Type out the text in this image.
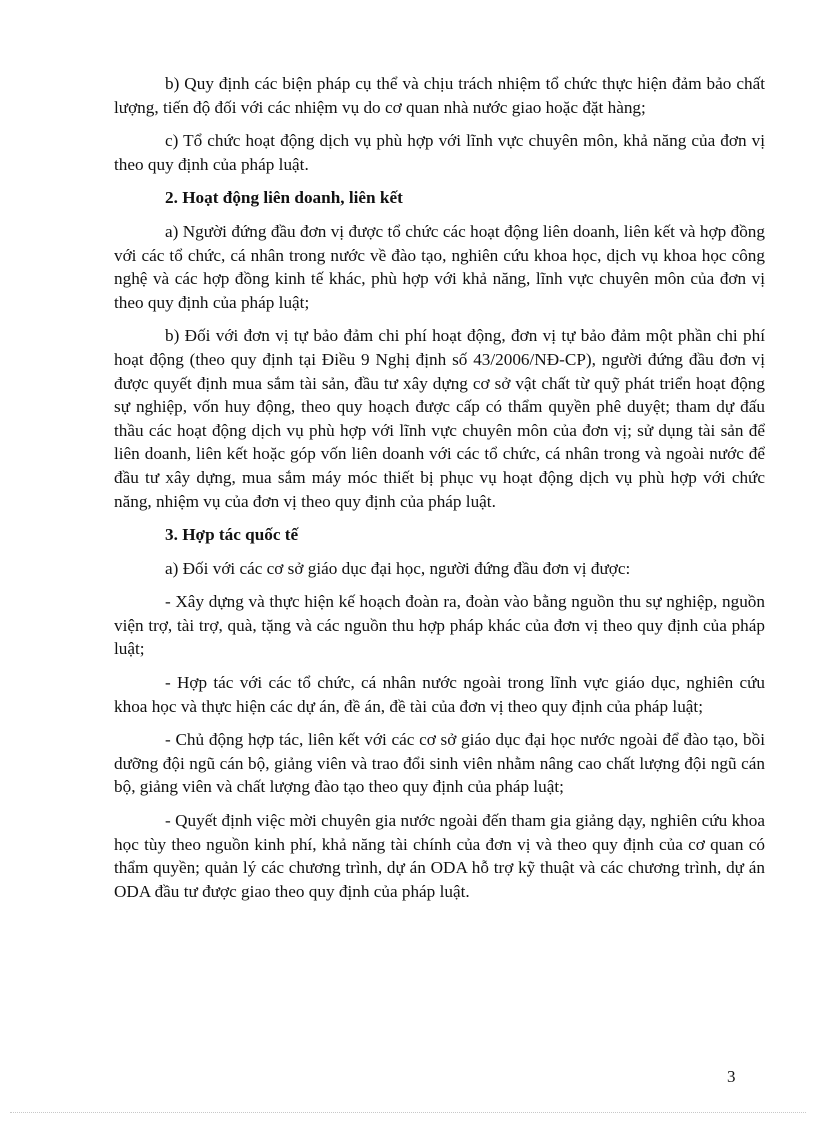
b) Quy định các biện pháp cụ thể và chịu trách nhiệm tổ chức thực hiện đảm bảo chất lượng, tiến độ đối với các nhiệm vụ do cơ quan nhà nước giao hoặc đặt hàng;

c) Tổ chức hoạt động dịch vụ phù hợp với lĩnh vực chuyên môn, khả năng của đơn vị theo quy định của pháp luật.

2. Hoạt động liên doanh, liên kết

a) Người đứng đầu đơn vị được tổ chức các hoạt động liên doanh, liên kết và hợp đồng với các tổ chức, cá nhân trong nước về đào tạo, nghiên cứu khoa học, dịch vụ khoa học công nghệ và các hợp đồng kinh tế khác, phù hợp với khả năng, lĩnh vực chuyên môn của đơn vị theo quy định của pháp luật;

b) Đối với đơn vị tự bảo đảm chi phí hoạt động, đơn vị tự bảo đảm một phần chi phí hoạt động (theo quy định tại Điều 9 Nghị định số 43/2006/NĐ-CP), người đứng đầu đơn vị được quyết định mua sắm tài sản, đầu tư xây dựng cơ sở vật chất từ quỹ phát triển hoạt động sự nghiệp, vốn huy động, theo quy hoạch được cấp có thẩm quyền phê duyệt; tham dự đấu thầu các hoạt động dịch vụ phù hợp với lĩnh vực chuyên môn của đơn vị; sử dụng tài sản để liên doanh, liên kết hoặc góp vốn liên doanh với các tổ chức, cá nhân trong và ngoài nước để đầu tư xây dựng, mua sắm máy móc thiết bị phục vụ hoạt động dịch vụ phù hợp với chức năng, nhiệm vụ của đơn vị theo quy định của pháp luật.

3. Hợp tác quốc tế

a) Đối với các cơ sở giáo dục đại học, người đứng đầu đơn vị được:

- Xây dựng và thực hiện kế hoạch đoàn ra, đoàn vào bằng nguồn thu sự nghiệp, nguồn viện trợ, tài trợ, quà, tặng và các nguồn thu hợp pháp khác của đơn vị theo quy định của pháp luật;

- Hợp tác với các tổ chức, cá nhân nước ngoài trong lĩnh vực giáo dục, nghiên cứu khoa học và thực hiện các dự án, đề án, đề tài của đơn vị theo quy định của pháp luật;

- Chủ động hợp tác, liên kết với các cơ sở giáo dục đại học nước ngoài để đào tạo, bồi dưỡng đội ngũ cán bộ, giảng viên và trao đổi sinh viên nhằm nâng cao chất lượng đội ngũ cán bộ, giảng viên và chất lượng đào tạo theo quy định của pháp luật;

- Quyết định việc mời chuyên gia nước ngoài đến tham gia giảng dạy, nghiên cứu khoa học tùy theo nguồn kinh phí, khả năng tài chính của đơn vị và theo quy định của cơ quan có thẩm quyền; quản lý các chương trình, dự án ODA hỗ trợ kỹ thuật và các chương trình, dự án ODA đầu tư được giao theo quy định của pháp luật.

3
